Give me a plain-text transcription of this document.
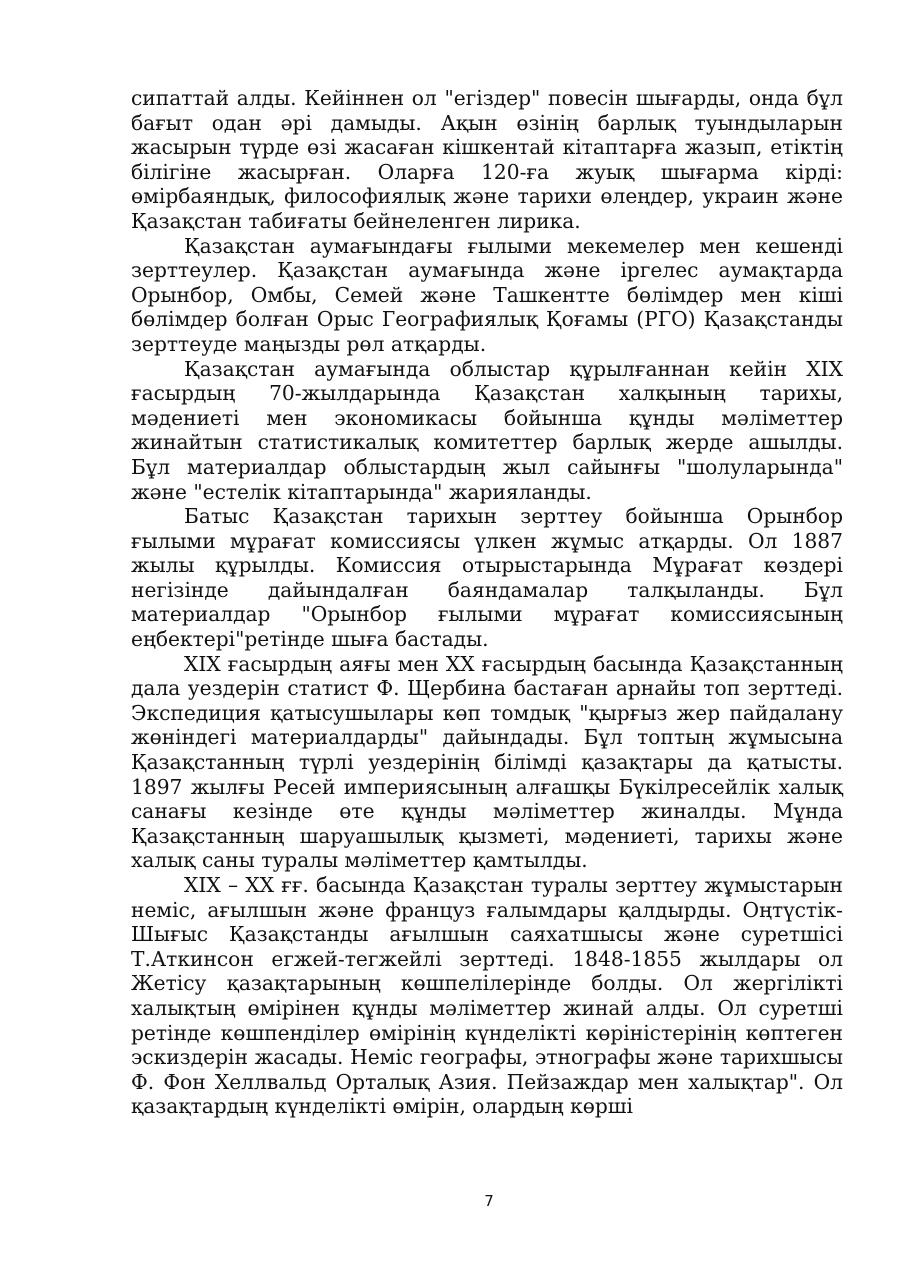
сипаттай алды. Кейіннен ол "егіздер" повесін шығарды, онда бұл бағыт одан әрі дамыды. Ақын өзінің барлық туындыларын жасырын түрде өзі жасаған кішкентай кітаптарға жазып, етіктің білігіне жасырған. Оларға 120-ға жуық шығарма кірді: өмірбаяндық, философиялық және тарихи өлеңдер, украин және Қазақстан табиғаты бейнеленген лирика.

Қазақстан аумағындағы ғылыми мекемелер мен кешенді зерттеулер. Қазақстан аумағында және іргелес аумақтарда Орынбор, Омбы, Семей және Ташкентте бөлімдер мен кіші бөлімдер болған Орыс Географиялық Қоғамы (РГО) Қазақстанды зерттеуде маңызды рөл атқарды.

Қазақстан аумағында облыстар құрылғаннан кейін XIX ғасырдың 70-жылдарында Қазақстан халқының тарихы, мәдениеті мен экономикасы бойынша құнды мәліметтер жинайтын статистикалық комитеттер барлық жерде ашылды. Бұл материалдар облыстардың жыл сайынғы "шолуларында" және "естелік кітаптарында" жарияланды.

Батыс Қазақстан тарихын зерттеу бойынша Орынбор ғылыми мұрағат комиссиясы үлкен жұмыс атқарды. Ол 1887 жылы құрылды. Комиссия отырыстарында Мұрағат көздері негізінде дайындалған баяндамалар талқыланды. Бұл материалдар "Орынбор ғылыми мұрағат комиссиясының еңбектері"ретінде шыға бастады.

XIX ғасырдың аяғы мен XX ғасырдың басында Қазақстанның дала уездерін статист Ф. Щербина бастаған арнайы топ зерттеді. Экспедиция қатысушылары көп томдық "қырғыз жер пайдалану жөніндегі материалдарды" дайындады. Бұл топтың жұмысына Қазақстанның түрлі уездерінің білімді қазақтары да қатысты. 1897 жылғы Ресей империясының алғашқы Бүкілресейлік халық санағы кезінде өте құнды мәліметтер жиналды. Мұнда Қазақстанның шаруашылық қызметі, мәдениеті, тарихы және халық саны туралы мәліметтер қамтылды.

XIX – XX ғғ. басында Қазақстан туралы зерттеу жұмыстарын неміс, ағылшын және француз ғалымдары қалдырды. Оңтүстік-Шығыс Қазақстанды ағылшын саяхатшысы және суретшісі Т.Аткинсон егжей-тегжейлі зерттеді. 1848-1855 жылдары ол Жетісу қазақтарының көшпелілерінде болды. Ол жергілікті халықтың өмірінен құнды мәліметтер жинай алды. Ол суретші ретінде көшпенділер өмірінің күнделікті көріністерінің көптеген эскиздерін жасады. Неміс географы, этнографы және тарихшысы Ф. Фон Хеллвальд Орталық Азия. Пейзаждар мен халықтар". Ол қазақтардың күнделікті өмірін, олардың көрші

7
